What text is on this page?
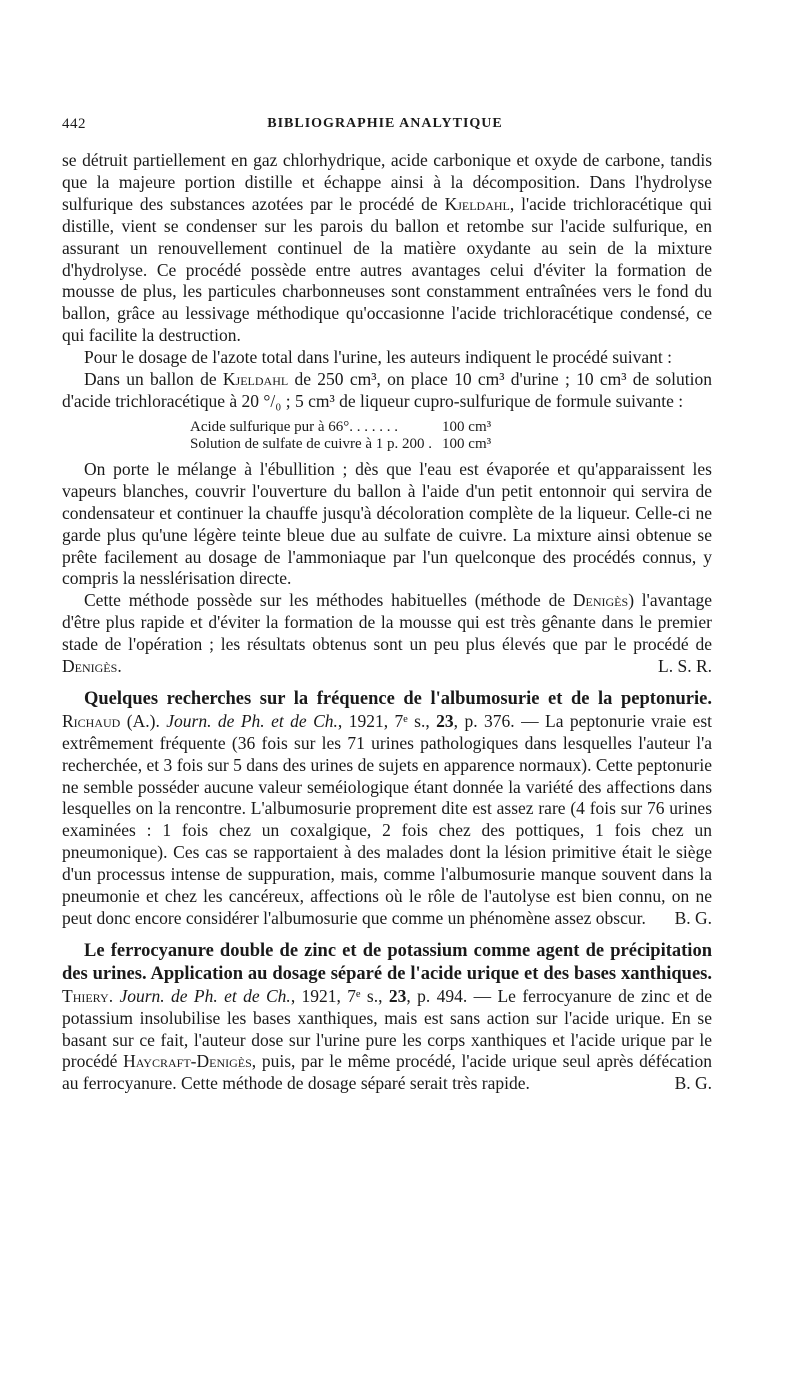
442	BIBLIOGRAPHIE ANALYTIQUE

se détruit partiellement en gaz chlorhydrique, acide carbonique et oxyde de carbone, tandis que la majeure portion distille et échappe ainsi à la décomposition. Dans l'hydrolyse sulfurique des substances azotées par le procédé de Kjeldahl, l'acide trichloracétique qui distille, vient se condenser sur les parois du ballon et retombe sur l'acide sulfurique, en assurant un renouvellement continuel de la matière oxydante au sein de la mixture d'hydrolyse. Ce procédé possède entre autres avantages celui d'éviter la formation de mousse de plus, les particules charbonneuses sont constamment entraînées vers le fond du ballon, grâce au lessivage méthodique qu'occasionne l'acide trichloracétique condensé, ce qui facilite la destruction.

Pour le dosage de l'azote total dans l'urine, les auteurs indiquent le procédé suivant :

Dans un ballon de Kjeldahl de 250 cm³, on place 10 cm³ d'urine ; 10 cm³ de solution d'acide trichloracétique à 20 °/₀ ; 5 cm³ de liqueur cupro-sulfurique de formule suivante :

Acide sulfurique pur à 66°. . . . . . .	100 cm³
Solution de sulfate de cuivre à 1 p. 200 .	100 cm³

On porte le mélange à l'ébullition ; dès que l'eau est évaporée et qu'apparaissent les vapeurs blanches, couvrir l'ouverture du ballon à l'aide d'un petit entonnoir qui servira de condensateur et continuer la chauffe jusqu'à décoloration complète de la liqueur. Celle-ci ne garde plus qu'une légère teinte bleue due au sulfate de cuivre. La mixture ainsi obtenue se prête facilement au dosage de l'ammoniaque par l'un quelconque des procédés connus, y compris la nesslérisation directe.

Cette méthode possède sur les méthodes habituelles (méthode de Denigès) l'avantage d'être plus rapide et d'éviter la formation de la mousse qui est très gênante dans le premier stade de l'opération ; les résultats obtenus sont un peu plus élevés que par le procédé de Denigès.	L. S. R.

Quelques recherches sur la fréquence de l'albumosurie et de la peptonurie. Richaud (A.). Journ. de Ph. et de Ch., 1921, 7ᵉ s., 23, p. 376. — La peptonurie vraie est extrêmement fréquente (36 fois sur les 71 urines pathologiques dans lesquelles l'auteur l'a recherchée, et 3 fois sur 5 dans des urines de sujets en apparence normaux). Cette peptonurie ne semble posséder aucune valeur seméiologique étant donnée la variété des affections dans lesquelles on la rencontre. L'albumosurie proprement dite est assez rare (4 fois sur 76 urines examinées : 1 fois chez un coxalgique, 2 fois chez des pottiques, 1 fois chez un pneumonique). Ces cas se rapportaient à des malades dont la lésion primitive était le siège d'un processus intense de suppuration, mais, comme l'albumosurie manque souvent dans la pneumonie et chez les cancéreux, affections où le rôle de l'autolyse est bien connu, on ne peut donc encore considérer l'albumosurie que comme un phénomène assez obscur.	B. G.

Le ferrocyanure double de zinc et de potassium comme agent de précipitation des urines. Application au dosage séparé de l'acide urique et des bases xanthiques. Thiery. Journ. de Ph. et de Ch., 1921, 7ᵉ s., 23, p. 494. — Le ferrocyanure de zinc et de potassium insolubilise les bases xanthiques, mais est sans action sur l'acide urique. En se basant sur ce fait, l'auteur dose sur l'urine pure les corps xanthiques et l'acide urique par le procédé Haycraft-Denigès, puis, par le même procédé, l'acide urique seul après défécation au ferrocyanure. Cette méthode de dosage séparé serait très rapide.	B. G.
